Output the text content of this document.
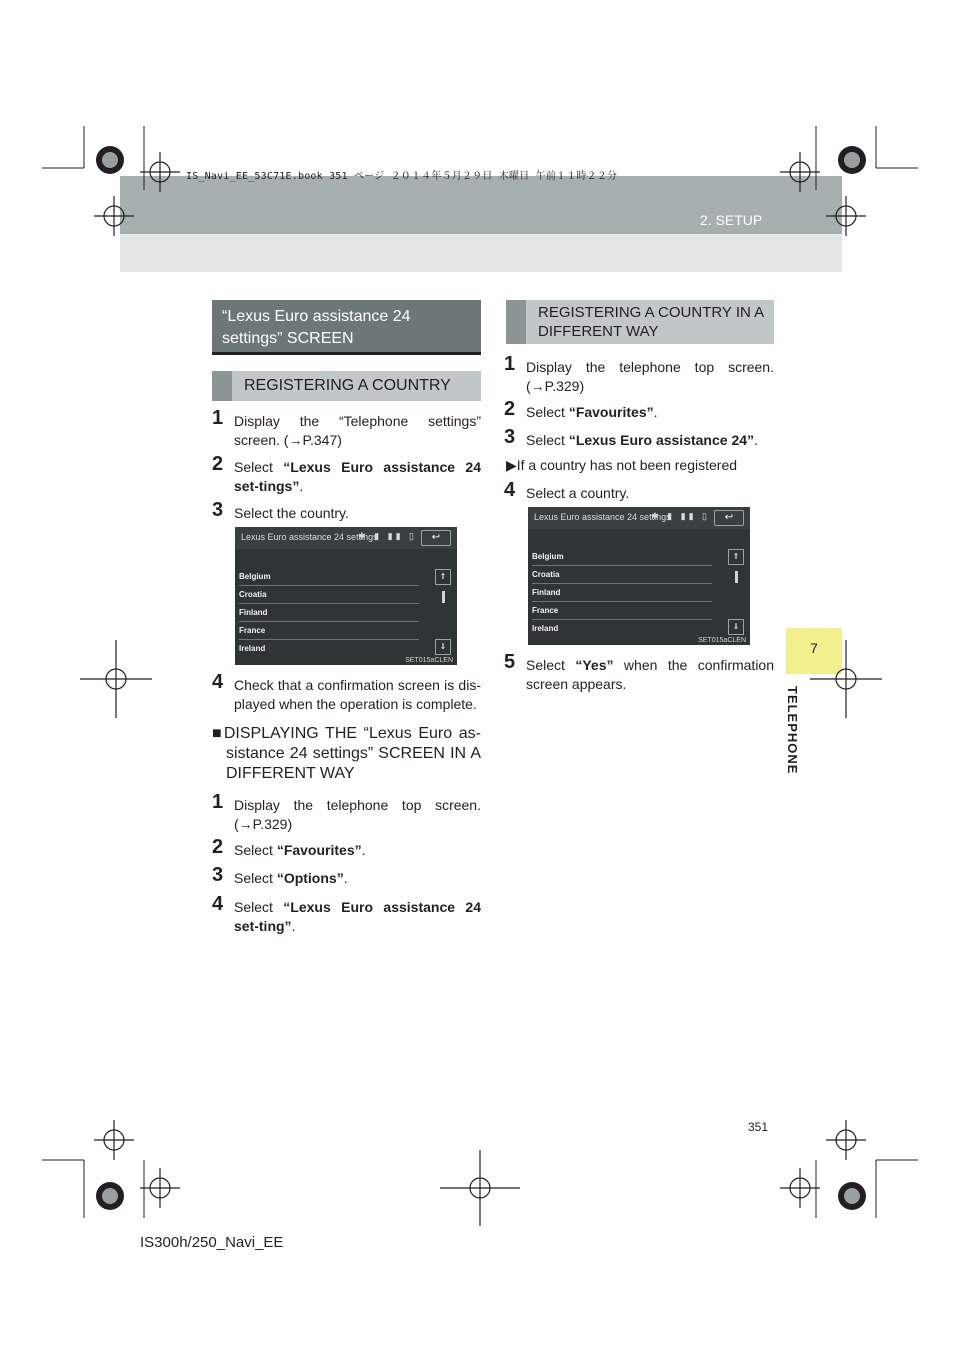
IS_Navi_EE_53C71E.book 351 ページ ２０１４年５月２９日 木曜日 午前１１時２２分
2. SETUP
7
TELEPHONE
“Lexus Euro assistance 24 settings” SCREEN
REGISTERING A COUNTRY
1 Display the “Telephone settings” screen. (→P.347)
2 Select “Lexus Euro assistance 24 set-tings”.
3 Select the country.
Lexus Euro assistance 24 settings
✱ ▮ ▮▮ ▯	↩
Belgium
Croatia
Finland
France
Ireland
⇑
⇓
SET015aCLEN
4 Check that a confirmation screen is dis-played when the operation is complete.
■DISPLAYING THE “Lexus Euro as-sistance 24 settings” SCREEN IN A DIFFERENT WAY
1 Display the telephone top screen. (→P.329)
2 Select “Favourites”.
3 Select “Options”.
4 Select “Lexus Euro assistance 24 set-ting”.
REGISTERING A COUNTRY IN A DIFFERENT WAY
1 Display the telephone top screen. (→P.329)
2 Select “Favourites”.
3 Select “Lexus Euro assistance 24”.
▶If a country has not been registered
4 Select a country.
Lexus Euro assistance 24 settings
✱ ▮ ▮▮ ▯	↩
Belgium
Croatia
Finland
France
Ireland
⇑
⇓
SET015aCLEN
5 Select “Yes” when the confirmation screen appears.
351
IS300h/250_Navi_EE
